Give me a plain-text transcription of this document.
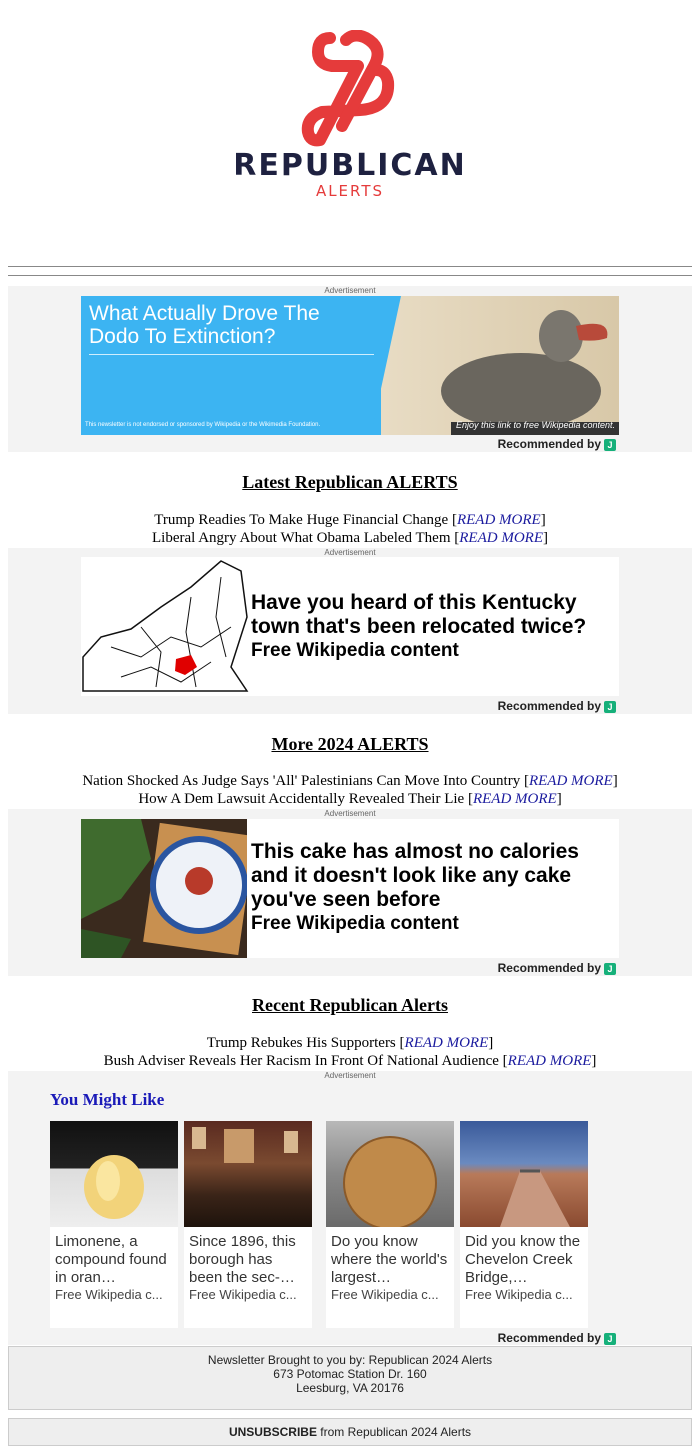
REPUBLICAN
ALERTS
Advertisement
What Actually Drove The Dodo To Extinction?
This newsletter is not endorsed or sponsored by Wikipedia or the Wikimedia Foundation.	Enjoy this link to free Wikipedia content.
Recommended by J
Latest Republican ALERTS
Trump Readies To Make Huge Financial Change [READ MORE]
Liberal Angry About What Obama Labeled Them [READ MORE]
Advertisement
Have you heard of this Kentucky
town that's been relocated twice?
Free Wikipedia content
Recommended by J
More 2024 ALERTS
Nation Shocked As Judge Says 'All' Palestinians Can Move Into Country [READ MORE]
How A Dem Lawsuit Accidentally Revealed Their Lie [READ MORE]
Advertisement
This cake has almost no calories
and it doesn't look like any cake
you've seen before
Free Wikipedia content
Recommended by J
Recent Republican Alerts
Trump Rebukes His Supporters [READ MORE]
Bush Adviser Reveals Her Racism In Front Of National Audience [READ MORE]
Advertisement
You Might Like
Recommended by J
Limonene, a compound found in oran…
Free Wikipedia c...
Since 1896, this borough has been the sec-…
Free Wikipedia c...
Do you know where the world's largest…
Free Wikipedia c...
Did you know the Chevelon Creek Bridge,…
Free Wikipedia c...
Newsletter Brought to you by: Republican 2024 Alerts
673 Potomac Station Dr. 160
Leesburg, VA 20176
UNSUBSCRIBE from Republican 2024 Alerts
